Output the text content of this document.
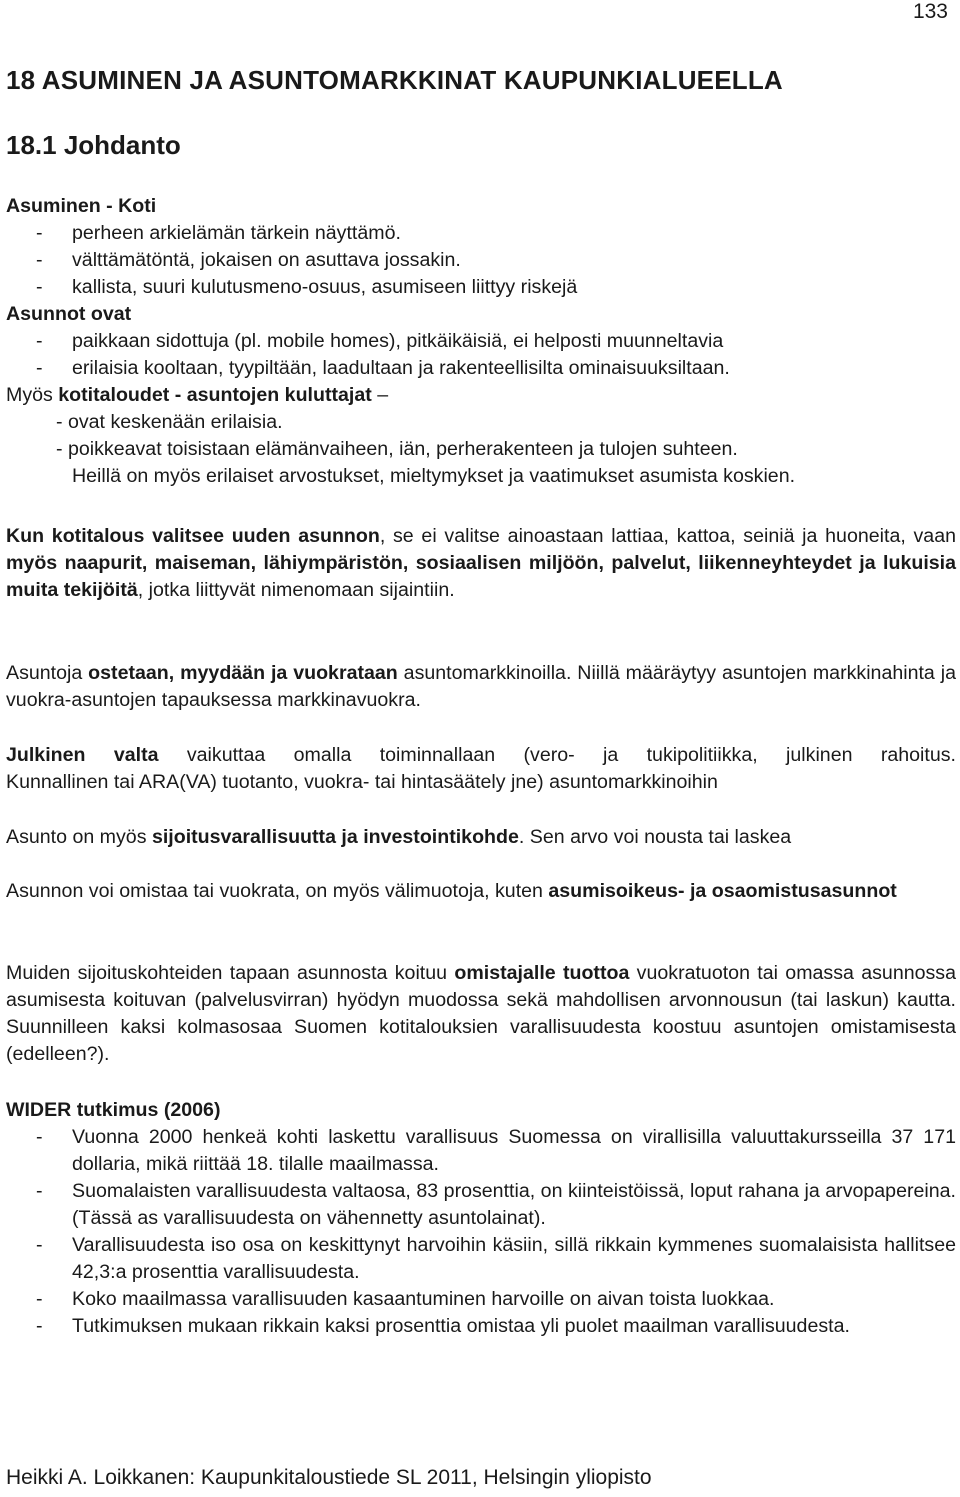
133
18 ASUMINEN JA ASUNTOMARKKINAT KAUPUNKIALUEELLA
18.1 Johdanto

Asuminen - Koti

- perheen arkielämän tärkein näyttämö.

- välttämätöntä, jokaisen on asuttava jossakin.

- kallista, suuri kulutusmeno-osuus, asumiseen liittyy riskejä

Asunnot ovat

- paikkaan sidottuja (pl. mobile homes), pitkäikäisiä, ei helposti muunneltavia

- erilaisia kooltaan, tyypiltään, laadultaan ja rakenteellisilta ominaisuuksiltaan.

Myös kotitaloudet - asuntojen kuluttajat –

- ovat keskenään erilaisia.

- poikkeavat toisistaan elämänvaiheen, iän, perherakenteen ja tulojen suhteen.

Heillä on myös erilaiset arvostukset, mieltymykset ja vaatimukset asumista koskien.

Kun kotitalous valitsee uuden asunnon, se ei valitse ainoastaan lattiaa, kattoa, seiniä ja huoneita, vaan myös naapurit, maiseman, lähiympäristön, sosiaalisen miljöön, palvelut, liikenneyhteydet ja lukuisia muita tekijöitä, jotka liittyvät nimenomaan sijaintiin.

Asuntoja ostetaan, myydään ja vuokrataan asuntomarkkinoilla. Niillä määräytyy asuntojen markkinahinta ja vuokra-asuntojen tapauksessa markkinavuokra.

Julkinen valta vaikuttaa omalla toiminnallaan (vero- ja tukipolitiikka, julkinen rahoitus.

Kunnallinen tai ARA(VA) tuotanto, vuokra- tai hintasäätely jne) asuntomarkkinoihin

Asunto on myös sijoitusvarallisuutta ja investointikohde. Sen arvo voi nousta tai laskea

Asunnon voi omistaa tai vuokrata, on myös välimuotoja, kuten asumisoikeus- ja osaomistusasunnot

Muiden sijoituskohteiden tapaan asunnosta koituu omistajalle tuottoa vuokratuoton tai omassa asunnossa asumisesta koituvan (palvelusvirran) hyödyn muodossa sekä mahdollisen arvonnousun (tai laskun) kautta. Suunnilleen kaksi kolmasosaa Suomen kotitalouksien varallisuudesta koostuu asuntojen omistamisesta (edelleen?).

WIDER tutkimus (2006)

- Vuonna 2000 henkeä kohti laskettu varallisuus Suomessa on virallisilla valuuttakursseilla 37 171 dollaria, mikä riittää 18. tilalle maailmassa.

- Suomalaisten varallisuudesta valtaosa, 83 prosenttia, on kiinteistöissä, loput rahana ja arvopapereina. (Tässä as varallisuudesta on vähennetty asuntolainat).

- Varallisuudesta iso osa on keskittynyt harvoihin käsiin, sillä rikkain kymmenes suomalaisista hallitsee 42,3:a prosenttia varallisuudesta.

- Koko maailmassa varallisuuden kasaantuminen harvoille on aivan toista luokkaa.

- Tutkimuksen mukaan rikkain kaksi prosenttia omistaa yli puolet maailman varallisuudesta.

Heikki A. Loikkanen: Kaupunkitaloustiede SL 2011, Helsingin yliopisto
